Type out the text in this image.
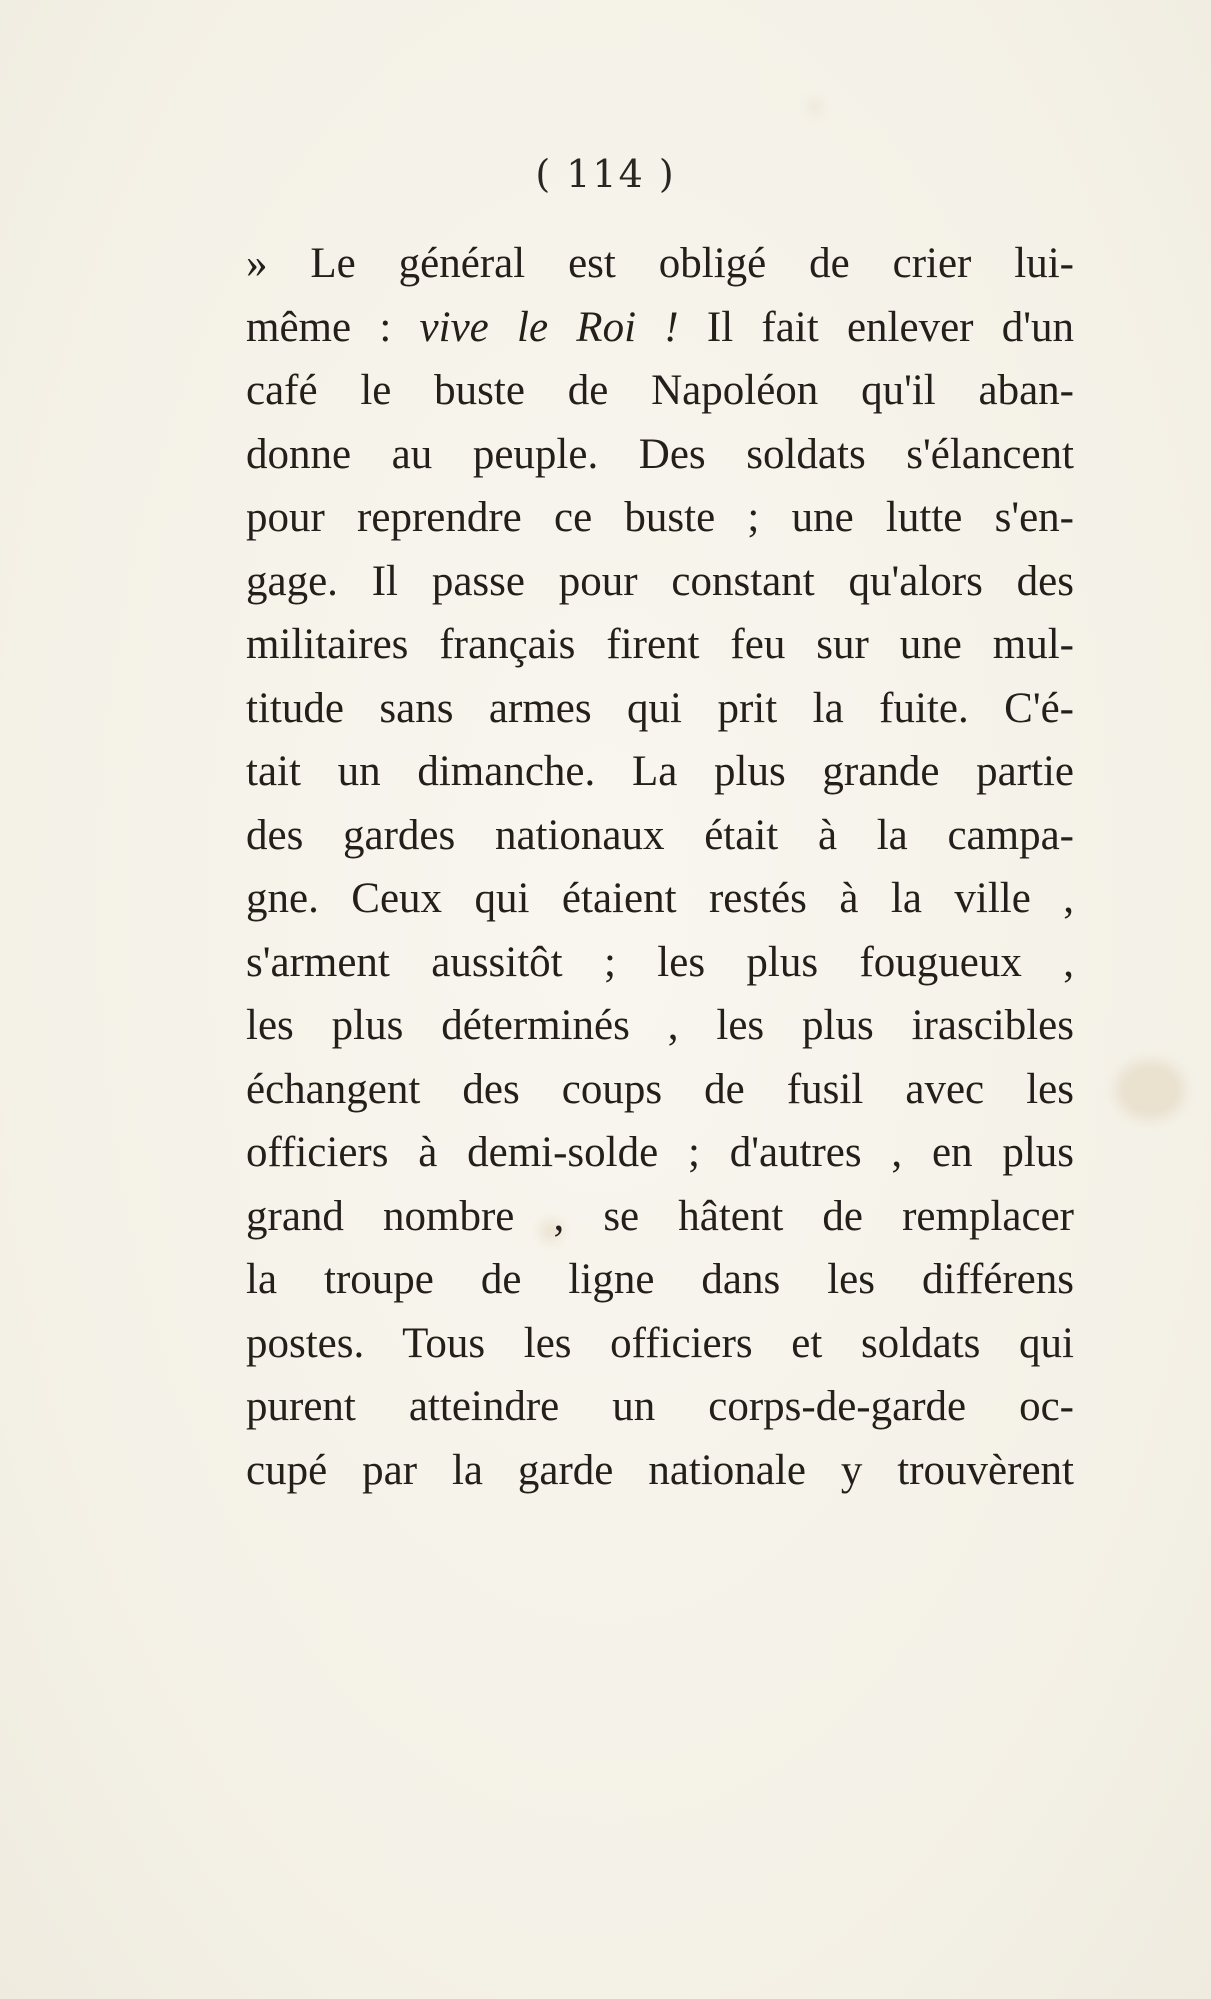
( 114 )
» Le général est obligé de crier lui-
même : vive le Roi ! Il fait enlever d'un
café le buste de Napoléon qu'il aban-
donne au peuple. Des soldats s'élancent
pour reprendre ce buste ; une lutte s'en-
gage. Il passe pour constant qu'alors des
militaires français firent feu sur une mul-
titude sans armes qui prit la fuite. C'é-
tait un dimanche. La plus grande partie
des gardes nationaux était à la campa-
gne. Ceux qui étaient restés à la ville ,
s'arment aussitôt ; les plus fougueux ,
les plus déterminés , les plus irascibles
échangent des coups de fusil avec les
officiers à demi-solde ; d'autres , en plus
grand nombre , se hâtent de remplacer
la troupe de ligne dans les différens
postes. Tous les officiers et soldats qui
purent atteindre un corps-de-garde oc-
cupé par la garde nationale y trouvèrent
